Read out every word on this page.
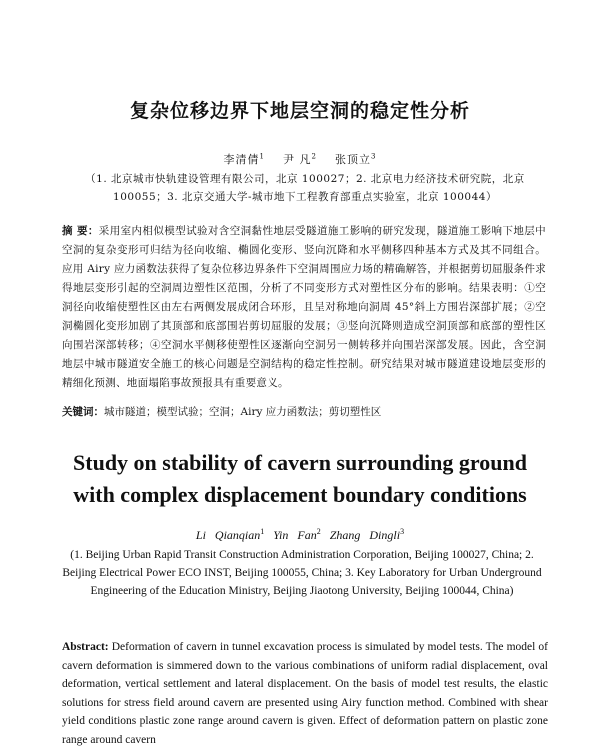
复杂位移边界下地层空洞的稳定性分析
李清倩$^1$ 尹 凡$^2$ 张顶立$^3$
（1. 北京城市快轨建设管理有限公司，北京 100027；2. 北京电力经济技术研究院，北京 100055；3. 北京交通大学-城市地下工程教育部重点实验室，北京 100044）
摘 要：采用室内相似模型试验对含空洞黏性地层受隧道施工影响的研究发现，隧道施工影响下地层中空洞的复杂变形可归结为径向收缩、椭圆化变形、竖向沉降和水平侧移四种基本方式及其不同组合。应用 Airy 应力函数法获得了复杂位移边界条件下空洞周围应力场的精确解答，并根据剪切屈服条件求得地层变形引起的空洞周边塑性区范围，分析了不同变形方式对塑性区分布的影响。结果表明：①空洞径向收缩使塑性区由左右两侧发展成闭合环形，且呈对称地向洞周 45°斜上方围岩深部扩展；②空洞椭圆化变形加剧了其顶部和底部围岩剪切屈服的发展；③竖向沉降则造成空洞顶部和底部的塑性区向围岩深部转移；④空洞水平侧移使塑性区逐渐向空洞另一侧转移并向围岩深部发展。因此，含空洞地层中城市隧道安全施工的核心问题是空洞结构的稳定性控制。研究结果对城市隧道建设地层变形的精细化预测、地面塌陷事故预报具有重要意义。
关键词：城市隧道；模型试验；空洞；Airy 应力函数法；剪切塑性区
Study on stability of cavern surrounding ground
with complex displacement boundary conditions
Li Qianqian$^1$ Yin Fan$^2$ Zhang Dingli$^3$
(1. Beijing Urban Rapid Transit Construction Administration Corporation, Beijing 100027, China; 2. Beijing Electrical Power ECO INST, Beijing 100055, China; 3. Key Laboratory for Urban Underground Engineering of the Education Ministry, Beijing Jiaotong University, Beijing 100044, China)
Abstract: Deformation of cavern in tunnel excavation process is simulated by model tests. The model of cavern deformation is simmered down to the various combinations of uniform radial displacement, oval deformation, vertical settlement and lateral displacement. On the basis of model test results, the elastic solutions for stress field around cavern are presented using Airy function method. Combined with shear yield conditions plastic zone range around cavern is given. Effect of deformation pattern on plastic zone range around cavern
